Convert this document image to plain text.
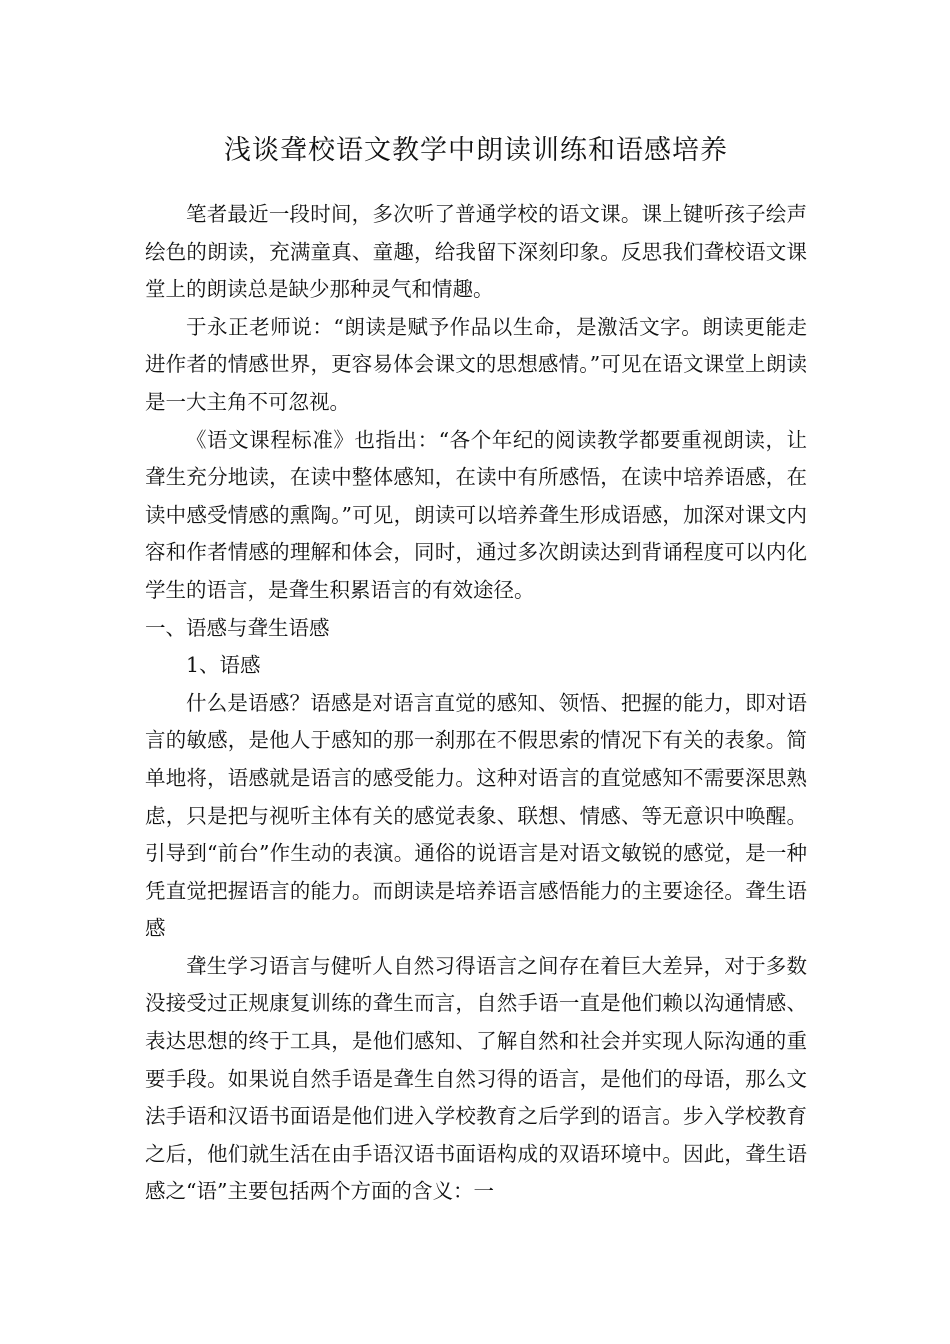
浅谈聋校语文教学中朗读训练和语感培养

笔者最近一段时间，多次听了普通学校的语文课。课上键听孩子绘声绘色的朗读，充满童真、童趣，给我留下深刻印象。反思我们聋校语文课堂上的朗读总是缺少那种灵气和情趣。

于永正老师说：“朗读是赋予作品以生命，是激活文字。朗读更能走进作者的情感世界，更容易体会课文的思想感情。”可见在语文课堂上朗读是一大主角不可忽视。

《语文课程标准》也指出：“各个年纪的阅读教学都要重视朗读，让聋生充分地读，在读中整体感知，在读中有所感悟，在读中培养语感，在读中感受情感的熏陶。”可见，朗读可以培养聋生形成语感，加深对课文内容和作者情感的理解和体会，同时，通过多次朗读达到背诵程度可以内化学生的语言，是聋生积累语言的有效途径。

一、语感与聋生语感

1、语感

什么是语感？语感是对语言直觉的感知、领悟、把握的能力，即对语言的敏感，是他人于感知的那一刹那在不假思索的情况下有关的表象。简单地将，语感就是语言的感受能力。这种对语言的直觉感知不需要深思熟虑，只是把与视听主体有关的感觉表象、联想、情感、等无意识中唤醒。引导到“前台”作生动的表演。通俗的说语言是对语文敏锐的感觉，是一种凭直觉把握语言的能力。而朗读是培养语言感悟能力的主要途径。聋生语感

聋生学习语言与健听人自然习得语言之间存在着巨大差异，对于多数没接受过正规康复训练的聋生而言，自然手语一直是他们赖以沟通情感、表达思想的终于工具，是他们感知、了解自然和社会并实现人际沟通的重要手段。如果说自然手语是聋生自然习得的语言，是他们的母语，那么文法手语和汉语书面语是他们进入学校教育之后学到的语言。步入学校教育之后，他们就生活在由手语汉语书面语构成的双语环境中。因此，聋生语感之“语”主要包括两个方面的含义：一
